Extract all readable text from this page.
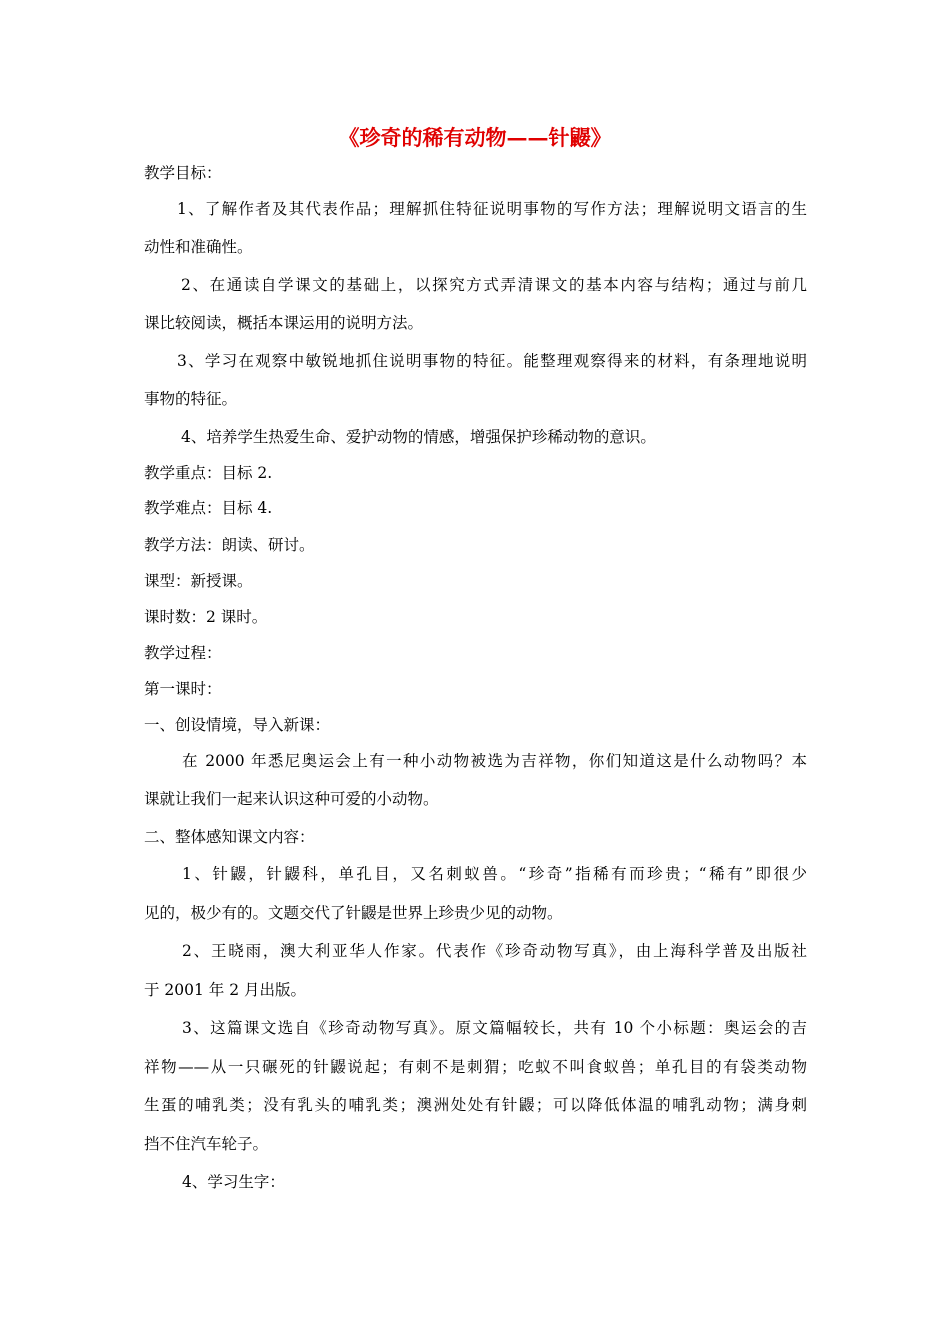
《珍奇的稀有动物——针鼹》
教学目标：
1、了解作者及其代表作品；理解抓住特征说明事物的写作方法；理解说明文语言的生
动性和准确性。
2、在通读自学课文的基础上，以探究方式弄清课文的基本内容与结构；通过与前几
课比较阅读，概括本课运用的说明方法。
3、学习在观察中敏锐地抓住说明事物的特征。能整理观察得来的材料，有条理地说明
事物的特征。
4、培养学生热爱生命、爱护动物的情感，增强保护珍稀动物的意识。
教学重点：目标 2.
教学难点：目标 4.
教学方法：朗读、研讨。
课型：新授课。
课时数：2 课时。
教学过程：
第一课时：
一、创设情境，导入新课：
在 2000 年悉尼奥运会上有一种小动物被选为吉祥物，你们知道这是什么动物吗？本
课就让我们一起来认识这种可爱的小动物。
二、整体感知课文内容：
1、针鼹，针鼹科，单孔目，又名刺蚁兽。“珍奇”指稀有而珍贵；“稀有”即很少
见的，极少有的。文题交代了针鼹是世界上珍贵少见的动物。
2、王晓雨，澳大利亚华人作家。代表作《珍奇动物写真》，由上海科学普及出版社
于 2001 年 2 月出版。
3、这篇课文选自《珍奇动物写真》。原文篇幅较长，共有 10 个小标题：奥运会的吉
祥物——从一只碾死的针鼹说起；有刺不是刺猬；吃蚁不叫食蚁兽；单孔目的有袋类动物
生蛋的哺乳类；没有乳头的哺乳类；澳洲处处有针鼹；可以降低体温的哺乳动物；满身刺
挡不住汽车轮子。
4、学习生字：
